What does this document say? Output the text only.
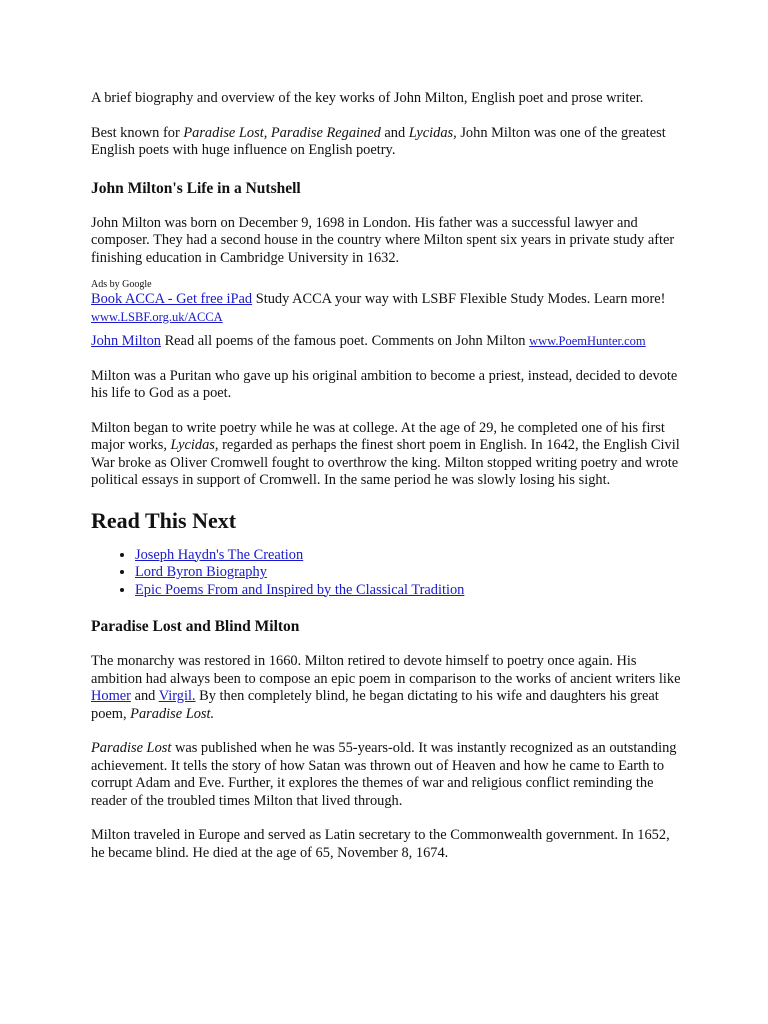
A brief biography and overview of the key works of John Milton, English poet and prose writer.

Best known for Paradise Lost, Paradise Regained and Lycidas, John Milton was one of the greatest English poets with huge influence on English poetry.

John Milton's Life in a Nutshell

John Milton was born on December 9, 1698 in London. His father was a successful lawyer and composer. They had a second house in the country where Milton spent six years in private study after finishing education in Cambridge University in 1632.

Ads by Google

Book ACCA - Get free iPad Study ACCA your way with LSBF Flexible Study Modes. Learn more! www.LSBF.org.uk/ACCA

John Milton Read all poems of the famous poet. Comments on John Milton www.PoemHunter.com

Milton was a Puritan who gave up his original ambition to become a priest, instead, decided to devote his life to God as a poet.

Milton began to write poetry while he was at college. At the age of 29, he completed one of his first major works, Lycidas, regarded as perhaps the finest short poem in English. In 1642, the English Civil War broke as Oliver Cromwell fought to overthrow the king. Milton stopped writing poetry and wrote political essays in support of Cromwell. In the same period he was slowly losing his sight.

Read This Next
• Joseph Haydn's The Creation
• Lord Byron Biography
• Epic Poems From and Inspired by the Classical Tradition
Paradise Lost and Blind Milton

The monarchy was restored in 1660. Milton retired to devote himself to poetry once again. His ambition had always been to compose an epic poem in comparison to the works of ancient writers like Homer and Virgil. By then completely blind, he began dictating to his wife and daughters his great poem, Paradise Lost.

Paradise Lost was published when he was 55-years-old. It was instantly recognized as an outstanding achievement. It tells the story of how Satan was thrown out of Heaven and how he came to Earth to corrupt Adam and Eve. Further, it explores the themes of war and religious conflict reminding the reader of the troubled times Milton that lived through.

Milton traveled in Europe and served as Latin secretary to the Commonwealth government. In 1652, he became blind. He died at the age of 65, November 8, 1674.
